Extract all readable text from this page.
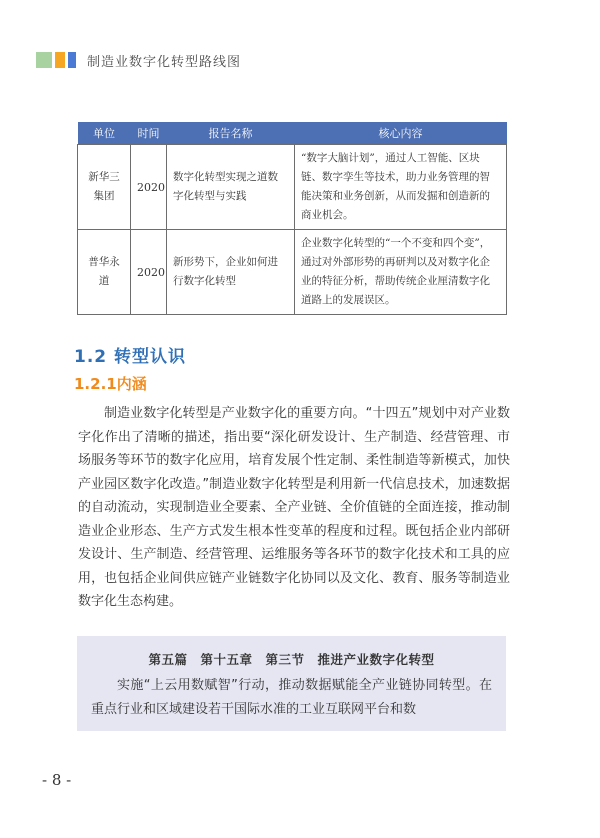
制造业数字化转型路线图
单位	时间	报告名称	核心内容
新华三集团	2020	数字化转型实现之道数字化转型与实践	“数字大脑计划”，通过人工智能、区块链、数字孪生等技术，助力业务管理的智能决策和业务创新，从而发掘和创造新的商业机会。
普华永道	2020	新形势下，企业如何进行数字化转型	企业数字化转型的“一个不变和四个变”，通过对外部形势的再研判以及对数字化企业的特征分析，帮助传统企业厘清数字化道路上的发展误区。
1.2 转型认识
1.2.1内涵

制造业数字化转型是产业数字化的重要方向。“十四五”规划中对产业数字化作出了清晰的描述，指出要“深化研发设计、生产制造、经营管理、市场服务等环节的数字化应用，培育发展个性定制、柔性制造等新模式，加快产业园区数字化改造。”制造业数字化转型是利用新一代信息技术，加速数据的自动流动，实现制造业全要素、全产业链、全价值链的全面连接，推动制造业企业形态、生产方式发生根本性变革的程度和过程。既包括企业内部研发设计、生产制造、经营管理、运维服务等各环节的数字化技术和工具的应用，也包括企业间供应链产业链数字化协同以及文化、教育、服务等制造业数字化生态构建。

第五篇　第十五章　第三节　推进产业数字化转型
实施“上云用数赋智”行动，推动数据赋能全产业链协同转型。在重点行业和区域建设若干国际水准的工业互联网平台和数
- 8 -
